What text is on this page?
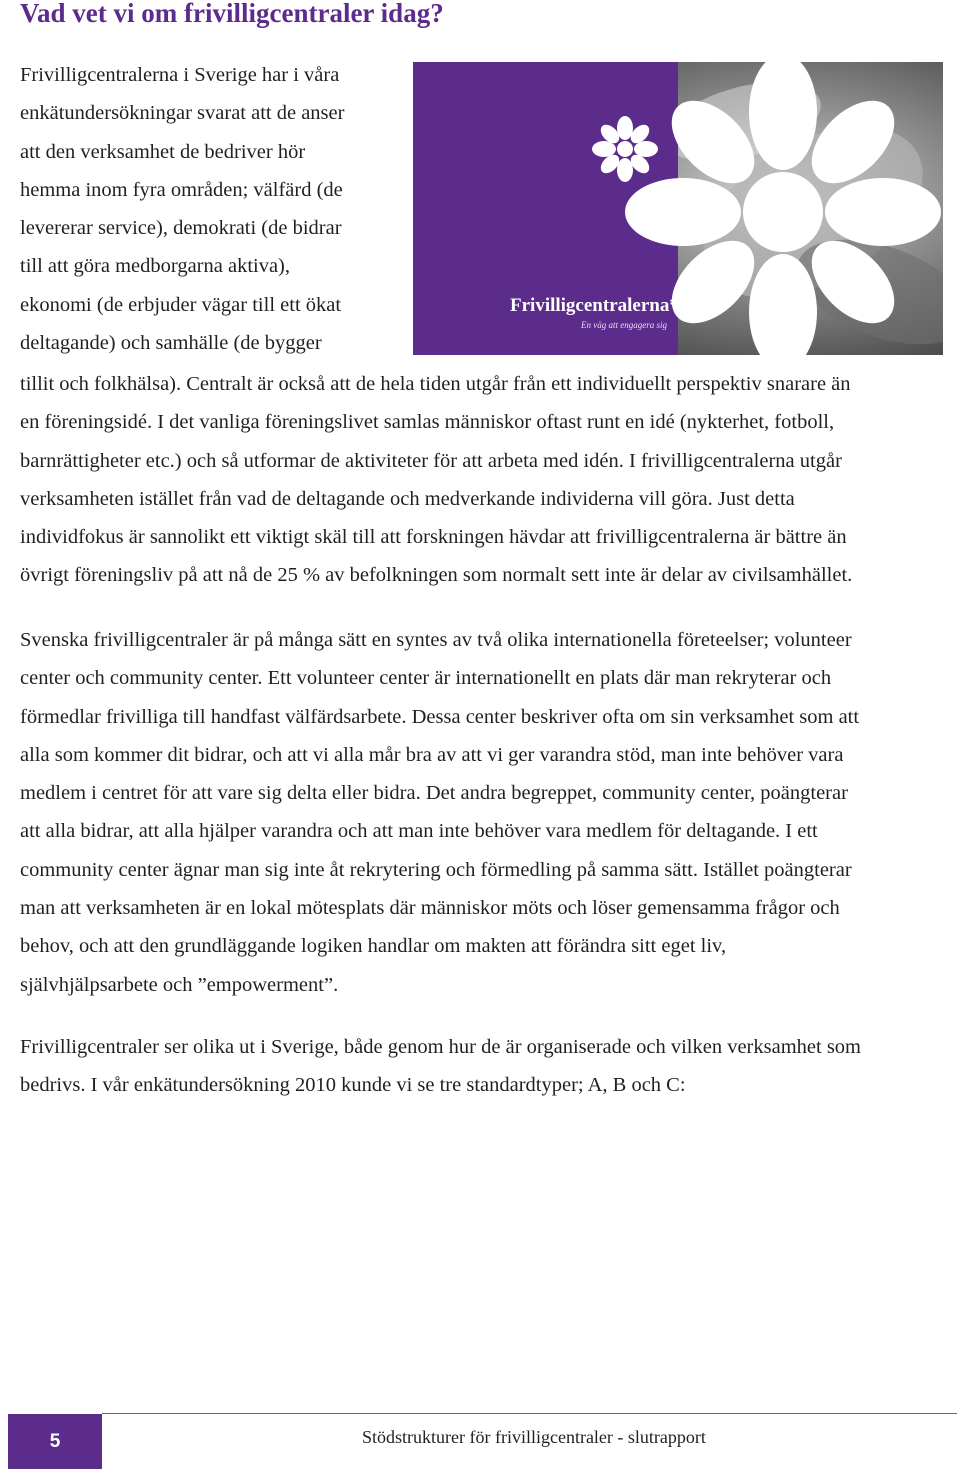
Vad vet vi om frivilligcentraler idag?
Frivilligcentralerna i Sverige har i våra
enkätundersökningar svarat att de anser
att den verksamhet de bedriver hör
hemma inom fyra områden; välfärd (de
levererar service), demokrati (de bidrar
till att göra medborgarna aktiva),
ekonomi (de erbjuder vägar till ett ökat
deltagande) och samhälle (de bygger
Frivilligcentralerna*
En väg att engagera sig
tillit och folkhälsa). Centralt är också att de hela tiden utgår från ett individuellt perspektiv snarare än
en föreningsidé. I det vanliga föreningslivet samlas människor oftast runt en idé (nykterhet, fotboll,
barnrättigheter etc.) och så utformar de aktiviteter för att arbeta med idén. I frivilligcentralerna utgår
verksamheten istället från vad de deltagande och medverkande individerna vill göra. Just detta
individfokus är sannolikt ett viktigt skäl till att forskningen hävdar att frivilligcentralerna är bättre än
övrigt föreningsliv på att nå de 25 % av befolkningen som normalt sett inte är delar av civilsamhället.
Svenska frivilligcentraler är på många sätt en syntes av två olika internationella företeelser; volunteer
center och community center. Ett volunteer center är internationellt en plats där man rekryterar och
förmedlar frivilliga till handfast välfärdsarbete. Dessa center beskriver ofta om sin verksamhet som att
alla som kommer dit bidrar, och att vi alla mår bra av att vi ger varandra stöd, man inte behöver vara
medlem i centret för att vare sig delta eller bidra. Det andra begreppet, community center, poängterar
att alla bidrar, att alla hjälper varandra och att man inte behöver vara medlem för deltagande. I ett
community center ägnar man sig inte åt rekrytering och förmedling på samma sätt. Istället poängterar
man att verksamheten är en lokal mötesplats där människor möts och löser gemensamma frågor och
behov, och att den grundläggande logiken handlar om makten att förändra sitt eget liv,
självhjälpsarbete och ”empowerment”.
Frivilligcentraler ser olika ut i Sverige, både genom hur de är organiserade och vilken verksamhet som
bedrivs. I vår enkätundersökning 2010 kunde vi se tre standardtyper; A, B och C:
5	Stödstrukturer för frivilligcentraler - slutrapport
